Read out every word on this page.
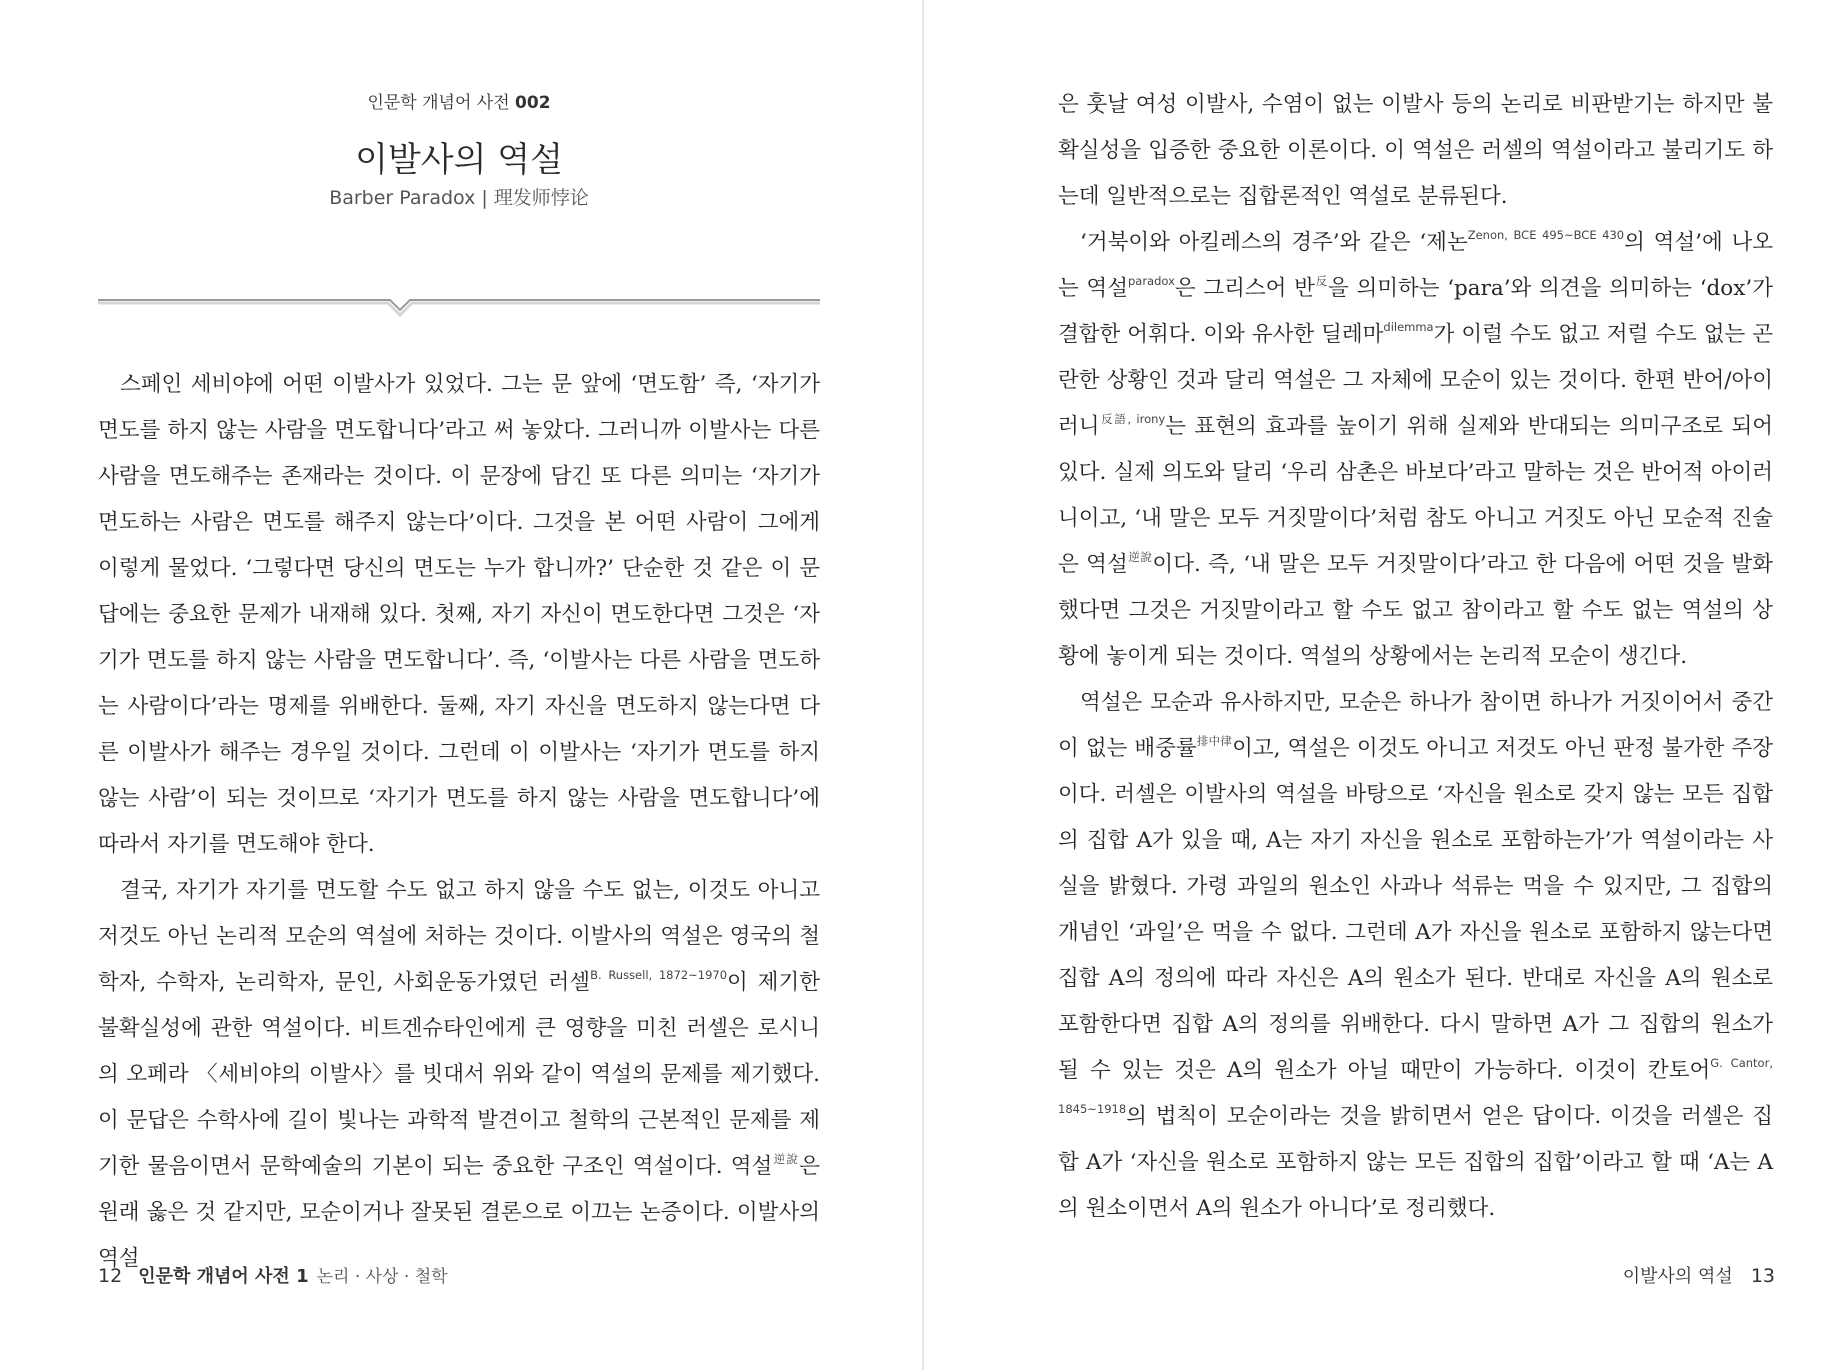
인문학 개념어 사전 002
이발사의 역설
Barber Paradox | 理发师悖论

스페인 세비야에 어떤 이발사가 있었다. 그는 문 앞에 ‘면도함’ 즉, ‘자기가 면도를 하지 않는 사람을 면도합니다’라고 써 놓았다. 그러니까 이발사는 다른 사람을 면도해주는 존재라는 것이다. 이 문장에 담긴 또 다른 의미는 ‘자기가 면도하는 사람은 면도를 해주지 않는다’이다. 그것을 본 어떤 사람이 그에게 이렇게 물었다. ‘그렇다면 당신의 면도는 누가 합니까?’ 단순한 것 같은 이 문답에는 중요한 문제가 내재해 있다. 첫째, 자기 자신이 면도한다면 그것은 ‘자기가 면도를 하지 않는 사람을 면도합니다’. 즉, ‘이발사는 다른 사람을 면도하는 사람이다’라는 명제를 위배한다. 둘째, 자기 자신을 면도하지 않는다면 다른 이발사가 해주는 경우일 것이다. 그런데 이 이발사는 ‘자기가 면도를 하지 않는 사람’이 되는 것이므로 ‘자기가 면도를 하지 않는 사람을 면도합니다’에 따라서 자기를 면도해야 한다.

결국, 자기가 자기를 면도할 수도 없고 하지 않을 수도 없는, 이것도 아니고 저것도 아닌 논리적 모순의 역설에 처하는 것이다. 이발사의 역설은 영국의 철학자, 수학자, 논리학자, 문인, 사회운동가였던 러셀$^{B. Russell, 1872\sim 1970}$이 제기한 불확실성에 관한 역설이다. 비트겐슈타인에게 큰 영향을 미친 러셀은 로시니의 오페라 〈세비야의 이발사〉를 빗대서 위와 같이 역설의 문제를 제기했다. 이 문답은 수학사에 길이 빛나는 과학적 발견이고 철학의 근본적인 문제를 제기한 물음이면서 문학예술의 기본이 되는 중요한 구조인 역설이다. 역설$^{逆說}$은 원래 옳은 것 같지만, 모순이거나 잘못된 결론으로 이끄는 논증이다. 이발사의 역설

12 인문학 개념어 사전 1 논리 · 사상 · 철학

은 훗날 여성 이발사, 수염이 없는 이발사 등의 논리로 비판받기는 하지만 불확실성을 입증한 중요한 이론이다. 이 역설은 러셀의 역설이라고 불리기도 하는데 일반적으로는 집합론적인 역설로 분류된다.

‘거북이와 아킬레스의 경주’와 같은 ‘제논$^{Zenon, BCE 495\sim BCE 430}$의 역설’에 나오는 역설$^{paradox}$은 그리스어 반$^反$을 의미하는 ‘para’와 의견을 의미하는 ‘dox’가 결합한 어휘다. 이와 유사한 딜레마$^{dilemma}$가 이럴 수도 없고 저럴 수도 없는 곤란한 상황인 것과 달리 역설은 그 자체에 모순이 있는 것이다. 한편 반어/아이러니$^{反語, irony}$는 표현의 효과를 높이기 위해 실제와 반대되는 의미구조로 되어 있다. 실제 의도와 달리 ‘우리 삼촌은 바보다’라고 말하는 것은 반어적 아이러니이고, ‘내 말은 모두 거짓말이다’처럼 참도 아니고 거짓도 아닌 모순적 진술은 역설$^{逆說}$이다. 즉, ‘내 말은 모두 거짓말이다’라고 한 다음에 어떤 것을 발화했다면 그것은 거짓말이라고 할 수도 없고 참이라고 할 수도 없는 역설의 상황에 놓이게 되는 것이다. 역설의 상황에서는 논리적 모순이 생긴다.

역설은 모순과 유사하지만, 모순은 하나가 참이면 하나가 거짓이어서 중간이 없는 배중률$^{排中律}$이고, 역설은 이것도 아니고 저것도 아닌 판정 불가한 주장이다. 러셀은 이발사의 역설을 바탕으로 ‘자신을 원소로 갖지 않는 모든 집합의 집합 A가 있을 때, A는 자기 자신을 원소로 포함하는가’가 역설이라는 사실을 밝혔다. 가령 과일의 원소인 사과나 석류는 먹을 수 있지만, 그 집합의 개념인 ‘과일’은 먹을 수 없다. 그런데 A가 자신을 원소로 포함하지 않는다면 집합 A의 정의에 따라 자신은 A의 원소가 된다. 반대로 자신을 A의 원소로 포함한다면 집합 A의 정의를 위배한다. 다시 말하면 A가 그 집합의 원소가 될 수 있는 것은 A의 원소가 아닐 때만이 가능하다. 이것이 칸토어$^{G. Cantor, 1845\sim 1918}$의 법칙이 모순이라는 것을 밝히면서 얻은 답이다. 이것을 러셀은 집합 A가 ‘자신을 원소로 포함하지 않는 모든 집합의 집합’이라고 할 때 ‘A는 A의 원소이면서 A의 원소가 아니다’로 정리했다.

이발사의 역설 13
